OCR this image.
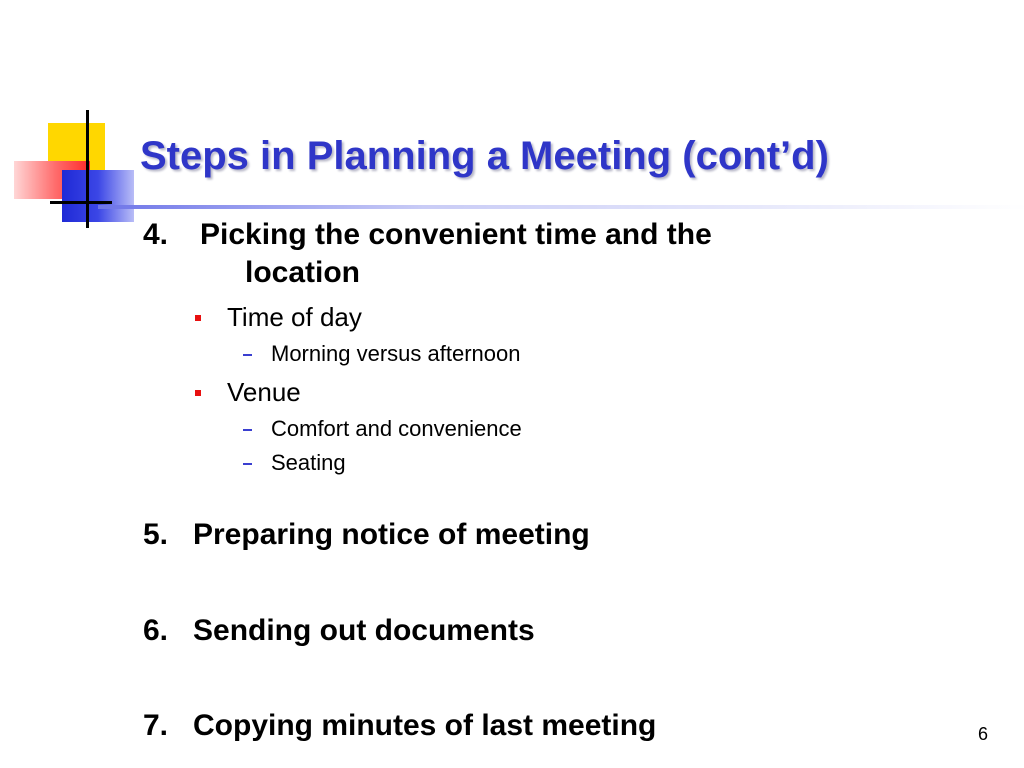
Steps in Planning a Meeting (cont’d)
4. Picking the convenient time and the
location
Time of day
Morning versus afternoon
Venue
Comfort and convenience
Seating
5. Preparing notice of meeting
6. Sending out documents
7. Copying minutes of last meeting	6
